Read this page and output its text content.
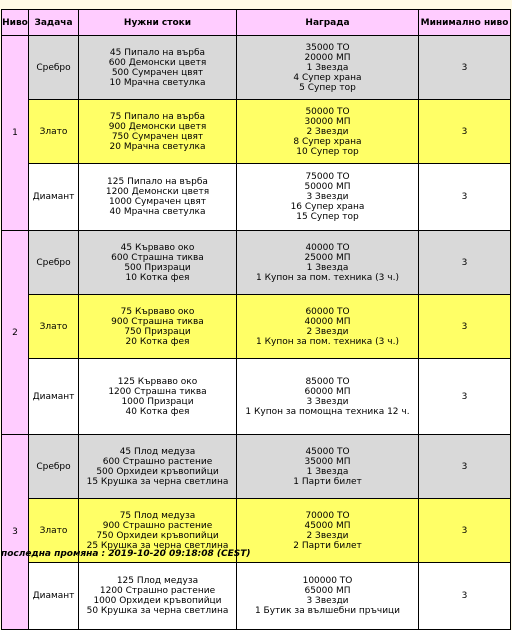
Ниво	Задача	Нужни стоки	Награда	Минимално ниво
1	Сребро	45 Пипало на върба
600 Демонски цветя
500 Сумрачен цвят
10 Мрачна светулка	35000 ТО
20000 МП
1 Звезда
4 Супер храна
5 Супер тор	3
	Злато	75 Пипало на върба
900 Демонски цветя
750 Сумрачен цвят
20 Мрачна светулка	50000 ТО
30000 МП
2 Звезди
8 Супер храна
10 Супер тор	3
	Диамант	125 Пипало на върба
1200 Демонски цветя
1000 Сумрачен цвят
40 Мрачна светулка	75000 ТО
50000 МП
3 Звезди
16 Супер храна
15 Супер тор	3
2	Сребро	45 Кърваво око
600 Страшна тиква
500 Призраци
10 Котка фея	40000 ТО
25000 МП
1 Звезда
1 Купон за пом. техника (3 ч.)	3
	Злато	75 Кърваво око
900 Страшна тиква
750 Призраци
20 Котка фея	60000 ТО
40000 МП
2 Звезди
1 Купон за пом. техника (3 ч.)	3
	Диамант	125 Кърваво око
1200 Страшна тиква
1000 Призраци
40 Котка фея	85000 ТО
60000 МП
3 Звезди
1 Купон за помощна техника 12 ч.	3
3	Сребро	45 Плод медуза
600 Страшно растение
500 Орхидеи кръвопийци
15 Крушка за черна светлина	45000 ТО
35000 МП
1 Звезда
1 Парти билет	3
	Злато	75 Плод медуза
900 Страшно растение
750 Орхидеи кръвопийци
25 Крушка за черна светлина	70000 ТО
45000 МП
2 Звезди
2 Парти билет	3
	Диамант	125 Плод медуза
1200 Страшно растение
1000 Орхидеи кръвопийци
50 Крушка за черна светлина	100000 ТО
65000 МП
3 Звезди
1 Бутик за вълшебни пръчици	3
последна промяна : 2019-10-20 09:18:08 (CEST)
